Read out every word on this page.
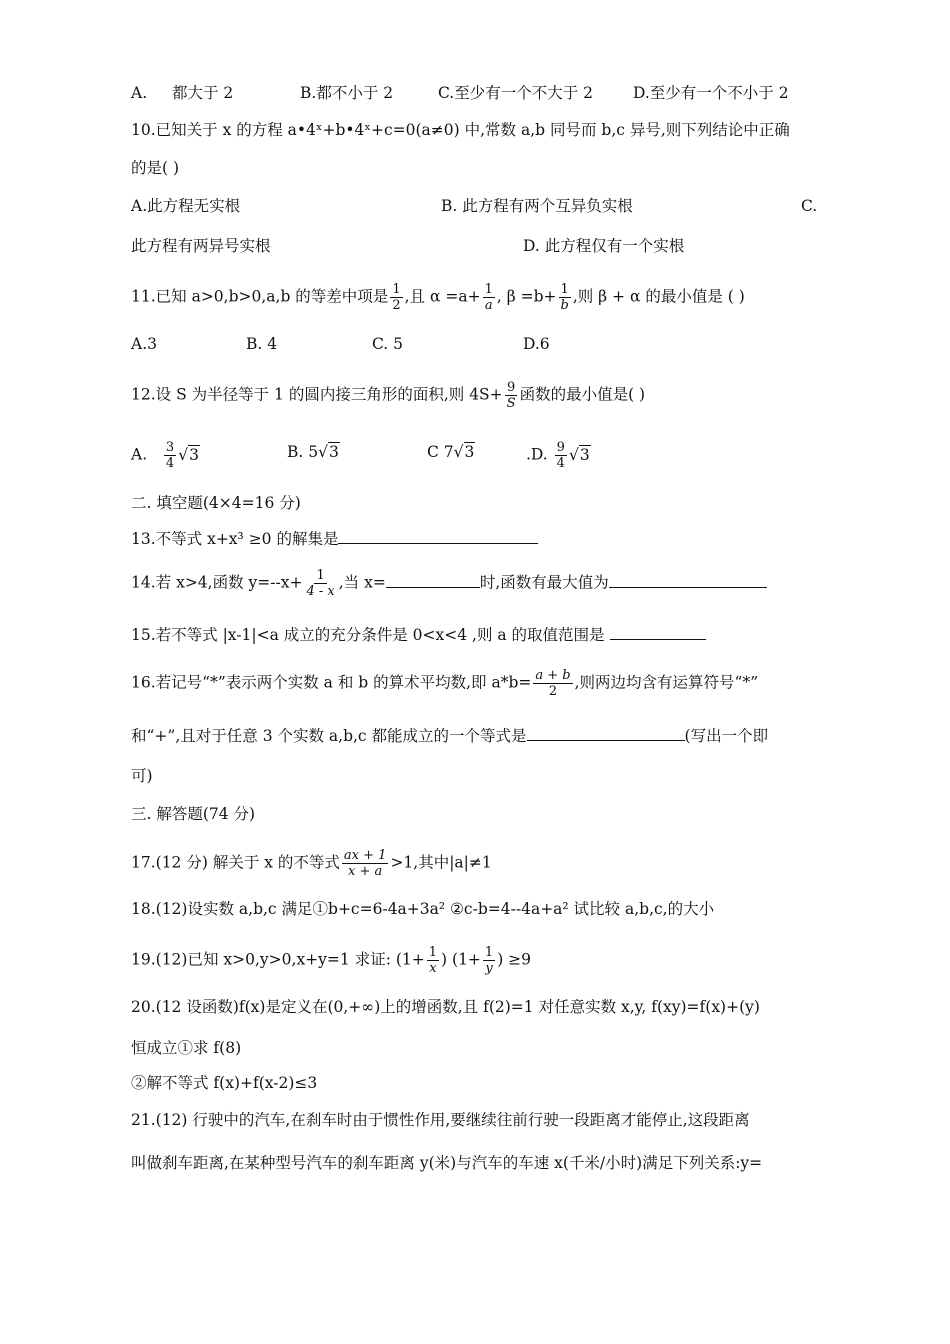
A. 都大于 2	B.都不小于 2	C.至少有一个不大于 2	D.至少有一个不小于 2
10.已知关于 x 的方程 a•4ˣ+b•4ˣ+c=0(a≠0) 中,常数 a,b 同号而 b,c 异号,则下列结论中正确
的是( )
A.此方程无实根	B. 此方程有两个互异负实根	C.
此方程有两异号实根	D. 此方程仅有一个实根
11.已知 a>0,b>0,a,b 的等差中项是 $\frac{1}{2}$ ,且 $\alpha =a+ \frac{1}{a}$ , $\beta =b+ \frac{1}{b}$ ,则 β + α 的最小值是 ( )
A.3	B. 4	C. 5	D.6
12.设 S 为半径等于 1 的圆内接三角形的面积,则 $4S+ \frac{9}{S}$ 函数的最小值是( )
A. $\frac{3}{4} √3$	B. 5√3	C 7√3	.D. $\frac{9}{4} √3$
二. 填空题(4×4=16 分)
13.不等式 x+x³ ≥0 的解集是
14.若 x>4,函数 $y=--x+ \frac{1}{4 - x}$ ,当 x=	时,函数有最大值为
15.若不等式 |x-1|<a 成立的充分条件是 0<x<4 ,则 a 的取值范围是
16.若记号“*”表示两个实数 a 和 b 的算术平均数,即 $a*b= \frac{a + b}{2}$ ,则两边均含有运算符号“*”
和“+”,且对于任意 3 个实数 a,b,c 都能成立的一个等式是	(写出一个即
可)
三. 解答题(74 分)
17.(12 分) 解关于 x 的不等式 $\frac{ax + 1}{x + a} >1$,其中|a|≠1
18.(12)设实数 a,b,c 满足①b+c=6-4a+3a² ②c-b=4--4a+a² 试比较 a,b,c,的大小
19.(12)已知 x>0,y>0,x+y=1 求证: ($1+ \frac{1}{x}$ ) ($1+ \frac{1}{y}$ ) ≥9
20.(12 设函数)f(x)是定义在(0,+∞)上的增函数,且 f(2)=1 对任意实数 x,y, f(xy)=f(x)+(y)
恒成立①求 f(8)
②解不等式 f(x)+f(x-2)≤3
21.(12) 行驶中的汽车,在刹车时由于惯性作用,要继续往前行驶一段距离才能停止,这段距离
叫做刹车距离,在某种型号汽车的刹车距离 y(米)与汽车的车速 x(千米/小时)满足下列关系:y=
